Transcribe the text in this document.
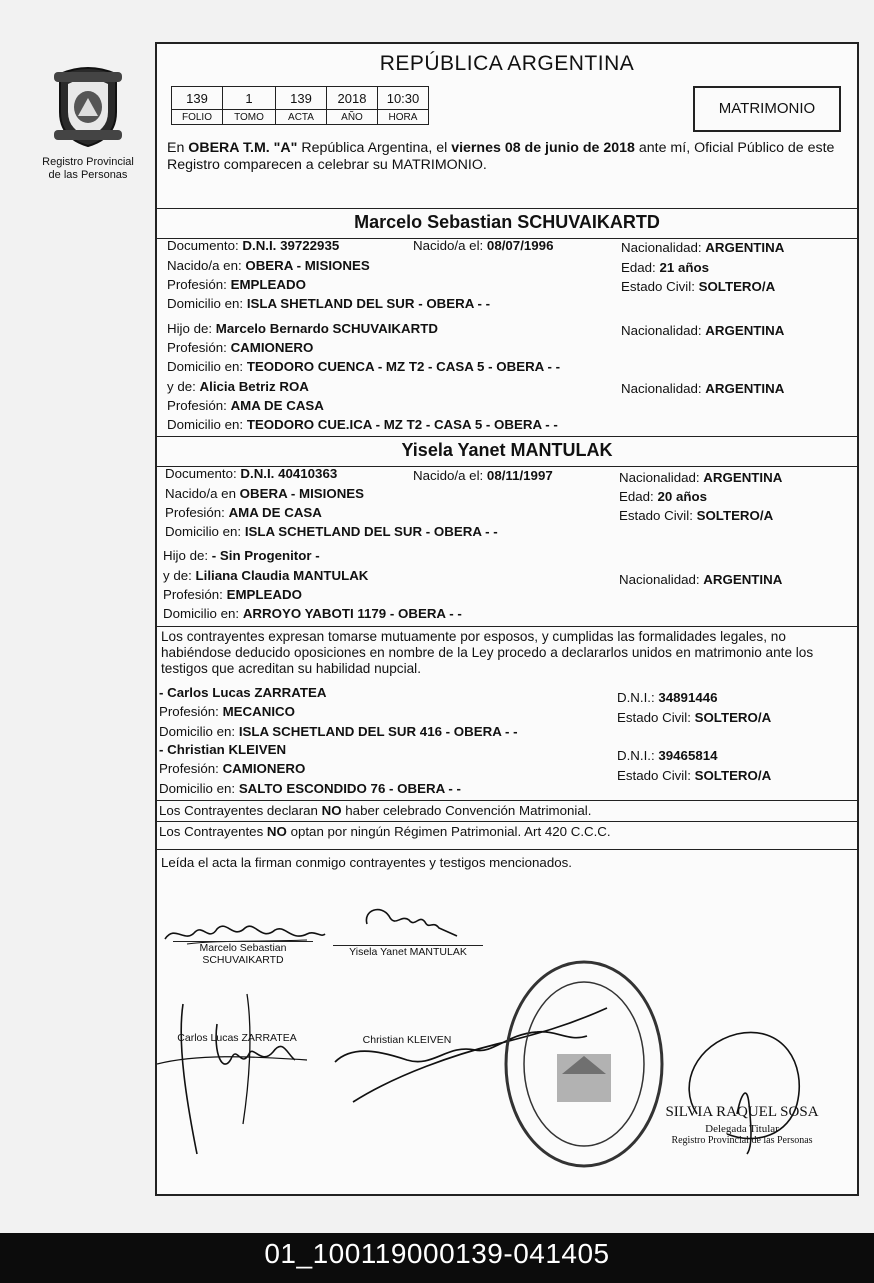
Registro Provincial
de las Personas
REPÚBLICA ARGENTINA
139	1	139	2018	10:30
FOLIO	TOMO	ACTA	AÑO	HORA	MATRIMONIO
En OBERA T.M. "A" República Argentina, el viernes 08 de junio de 2018 ante mí, Oficial Público de este Registro comparecen a celebrar su MATRIMONIO.
Marcelo Sebastian SCHUVAIKARTD
Documento: D.N.I. 39722935	Nacido/a el: 08/07/1996	Nacionalidad: ARGENTINA
Nacido/a en: OBERA - MISIONES	Edad: 21 años
Profesión: EMPLEADO	Estado Civil: SOLTERO/A
Domicilio en: ISLA SHETLAND DEL SUR - OBERA - -
Hijo de: Marcelo Bernardo SCHUVAIKARTD	Nacionalidad: ARGENTINA
Profesión: CAMIONERO
Domicilio en: TEODORO CUENCA - MZ T2 - CASA 5 - OBERA - -
y de: Alicia Betriz ROA	Nacionalidad: ARGENTINA
Profesión: AMA DE CASA
Domicilio en: TEODORO CUE.ICA - MZ T2 - CASA 5 - OBERA - -
Yisela Yanet MANTULAK
Documento: D.N.I. 40410363	Nacido/a el: 08/11/1997	Nacionalidad: ARGENTINA
Nacido/a en OBERA - MISIONES	Edad: 20 años
Profesión: AMA DE CASA	Estado Civil: SOLTERO/A
Domicilio en: ISLA SCHETLAND DEL SUR - OBERA - -
Hijo de: - Sin Progenitor -
y de: Liliana Claudia MANTULAK	Nacionalidad: ARGENTINA
Profesión: EMPLEADO
Domicilio en: ARROYO YABOTI 1179 - OBERA - -
Los contrayentes expresan tomarse mutuamente por esposos, y cumplidas las formalidades legales, no habiéndose deducido oposiciones en nombre de la Ley procedo a declararlos unidos en matrimonio ante los testigos que acreditan su habilidad nupcial.
- Carlos Lucas ZARRATEA	D.N.I.: 34891446
Profesión: MECANICO	Estado Civil: SOLTERO/A
Domicilio en: ISLA SCHETLAND DEL SUR 416 - OBERA - -
- Christian KLEIVEN	D.N.I.: 39465814
Profesión: CAMIONERO	Estado Civil: SOLTERO/A
Domicilio en: SALTO ESCONDIDO 76 - OBERA - -
Los Contrayentes declaran NO haber celebrado Convención Matrimonial.
Los Contrayentes NO optan por ningún Régimen Patrimonial. Art 420 C.C.C.
Leída el acta la firman conmigo contrayentes y testigos mencionados.
Marcelo Sebastian
SCHUVAIKARTD
Yisela Yanet MANTULAK
Carlos Lucas ZARRATEA	Christian KLEIVEN
SILVIA RAQUEL SOSA
Delegada Titular
Registro Provincial de las Personas
01_100119000139-041405
